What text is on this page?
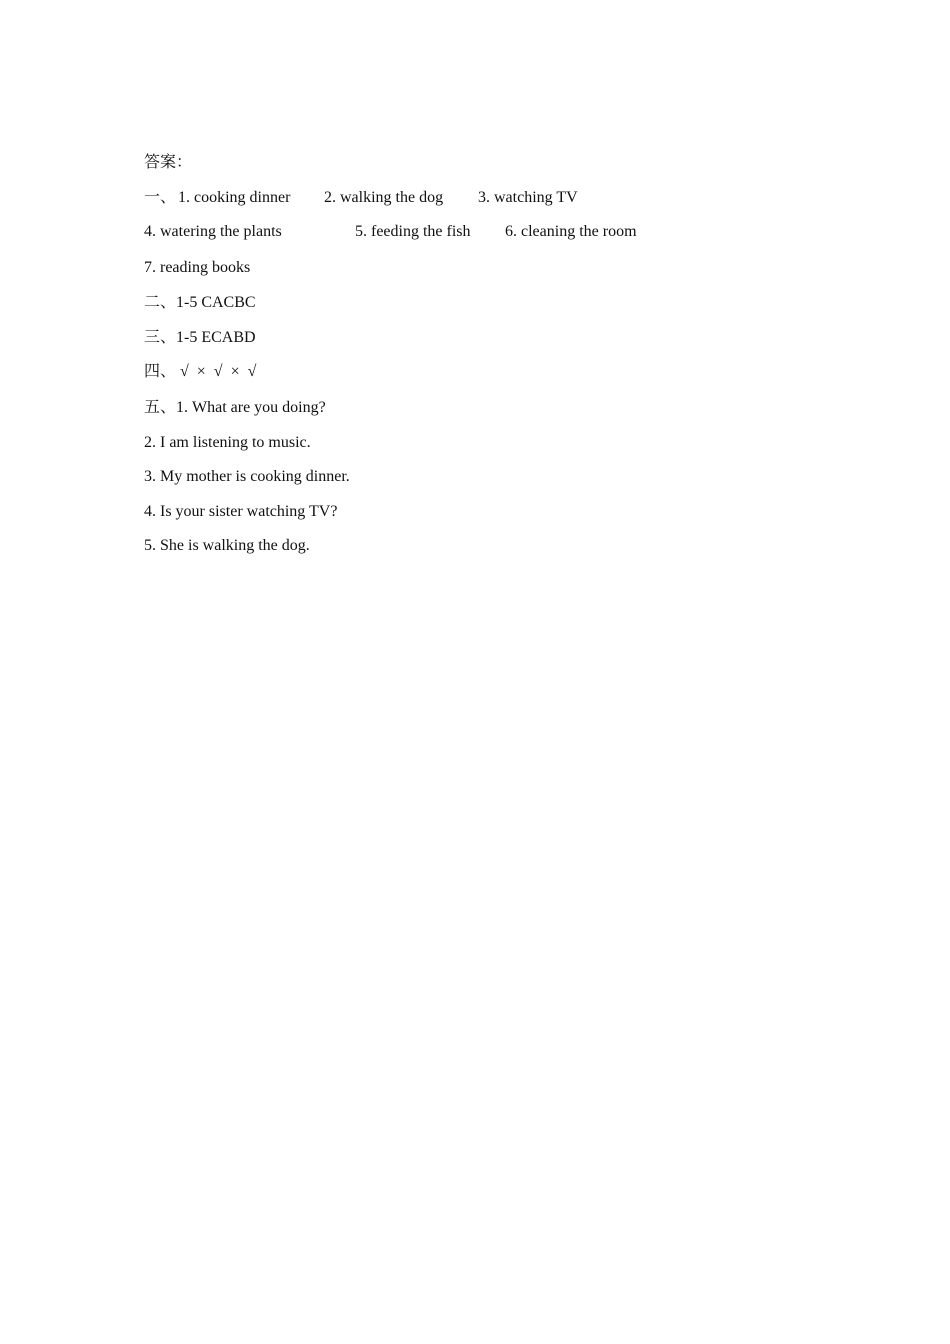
答案：

一、

1. cooking dinner

2. walking the dog

3. watching TV

4. watering the plants

	5. feeding the fish

6. cleaning the room

7. reading books
二、1-5 CACBC
三、1-5 ECABD
四、 √  ×  √  ×  √
五、1. What are you doing?
2. I am listening to music.
3. My mother is cooking dinner.
4. Is your sister watching TV?
5. She is walking the dog.
